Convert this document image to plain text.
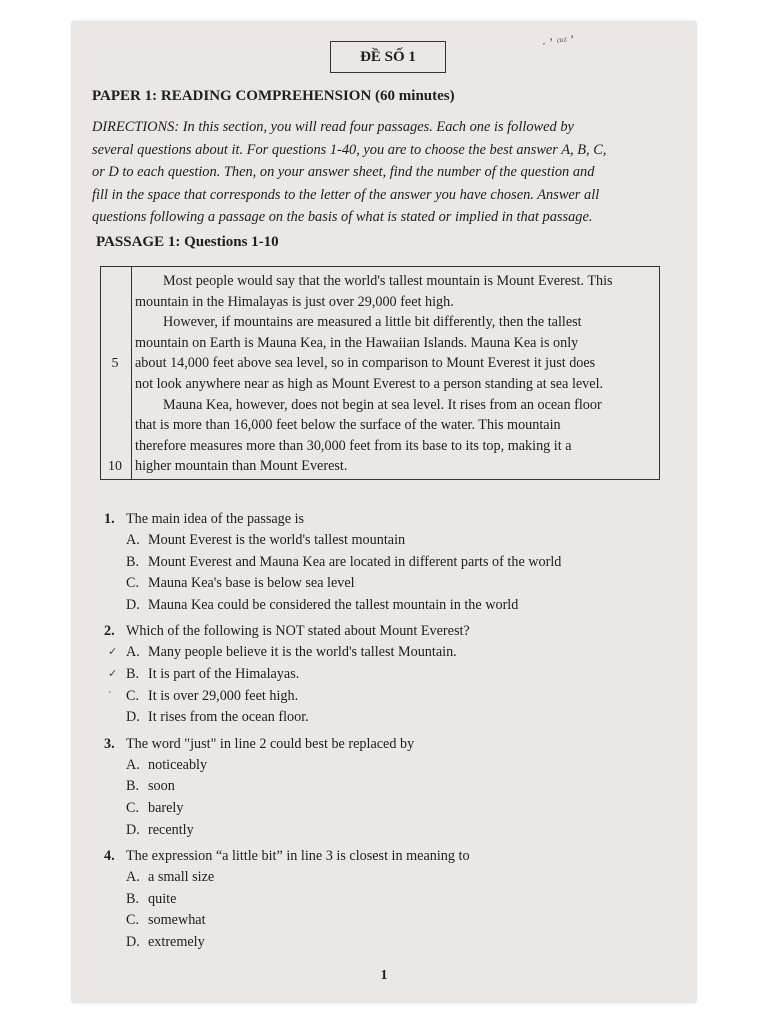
ĐỀ SỐ 1
· ʼ ᶜᵘᶻ ʼ
PAPER 1: READING COMPREHENSION (60 minutes)
DIRECTIONS: In this section, you will read four passages. Each one is followed by
several questions about it. For questions 1-40, you are to choose the best answer A, B, C,
or D to each question. Then, on your answer sheet, find the number of the question and
fill in the space that corresponds to the letter of the answer you have chosen. Answer all
questions following a passage on the basis of what is stated or implied in that passage.
PASSAGE 1: Questions 1-10
5
10
Most people would say that the world's tallest mountain is Mount Everest. This
mountain in the Himalayas is just over 29,000 feet high.
However, if mountains are measured a little bit differently, then the tallest
mountain on Earth is Mauna Kea, in the Hawaiian Islands. Mauna Kea is only
about 14,000 feet above sea level, so in comparison to Mount Everest it just does
not look anywhere near as high as Mount Everest to a person standing at sea level.
Mauna Kea, however, does not begin at sea level. It rises from an ocean floor
that is more than 16,000 feet below the surface of the water. This mountain
therefore measures more than 30,000 feet from its base to its top, making it a
higher mountain than Mount Everest.
1. The main idea of the passage is
A. Mount Everest is the world's tallest mountain
B. Mount Everest and Mauna Kea are located in different parts of the world
C. Mauna Kea's base is below sea level
D. Mauna Kea could be considered the tallest mountain in the world
2. Which of the following is NOT stated about Mount Everest?
✓ A. Many people believe it is the world's tallest Mountain.
✓ B. It is part of the Himalayas.
ˋ C. It is over 29,000 feet high.
D. It rises from the ocean floor.
3. The word "just" in line 2 could best be replaced by
A. noticeably
B. soon
C. barely
D. recently
4. The expression “a little bit” in line 3 is closest in meaning to
A. a small size
B. quite
C. somewhat
D. extremely
1
